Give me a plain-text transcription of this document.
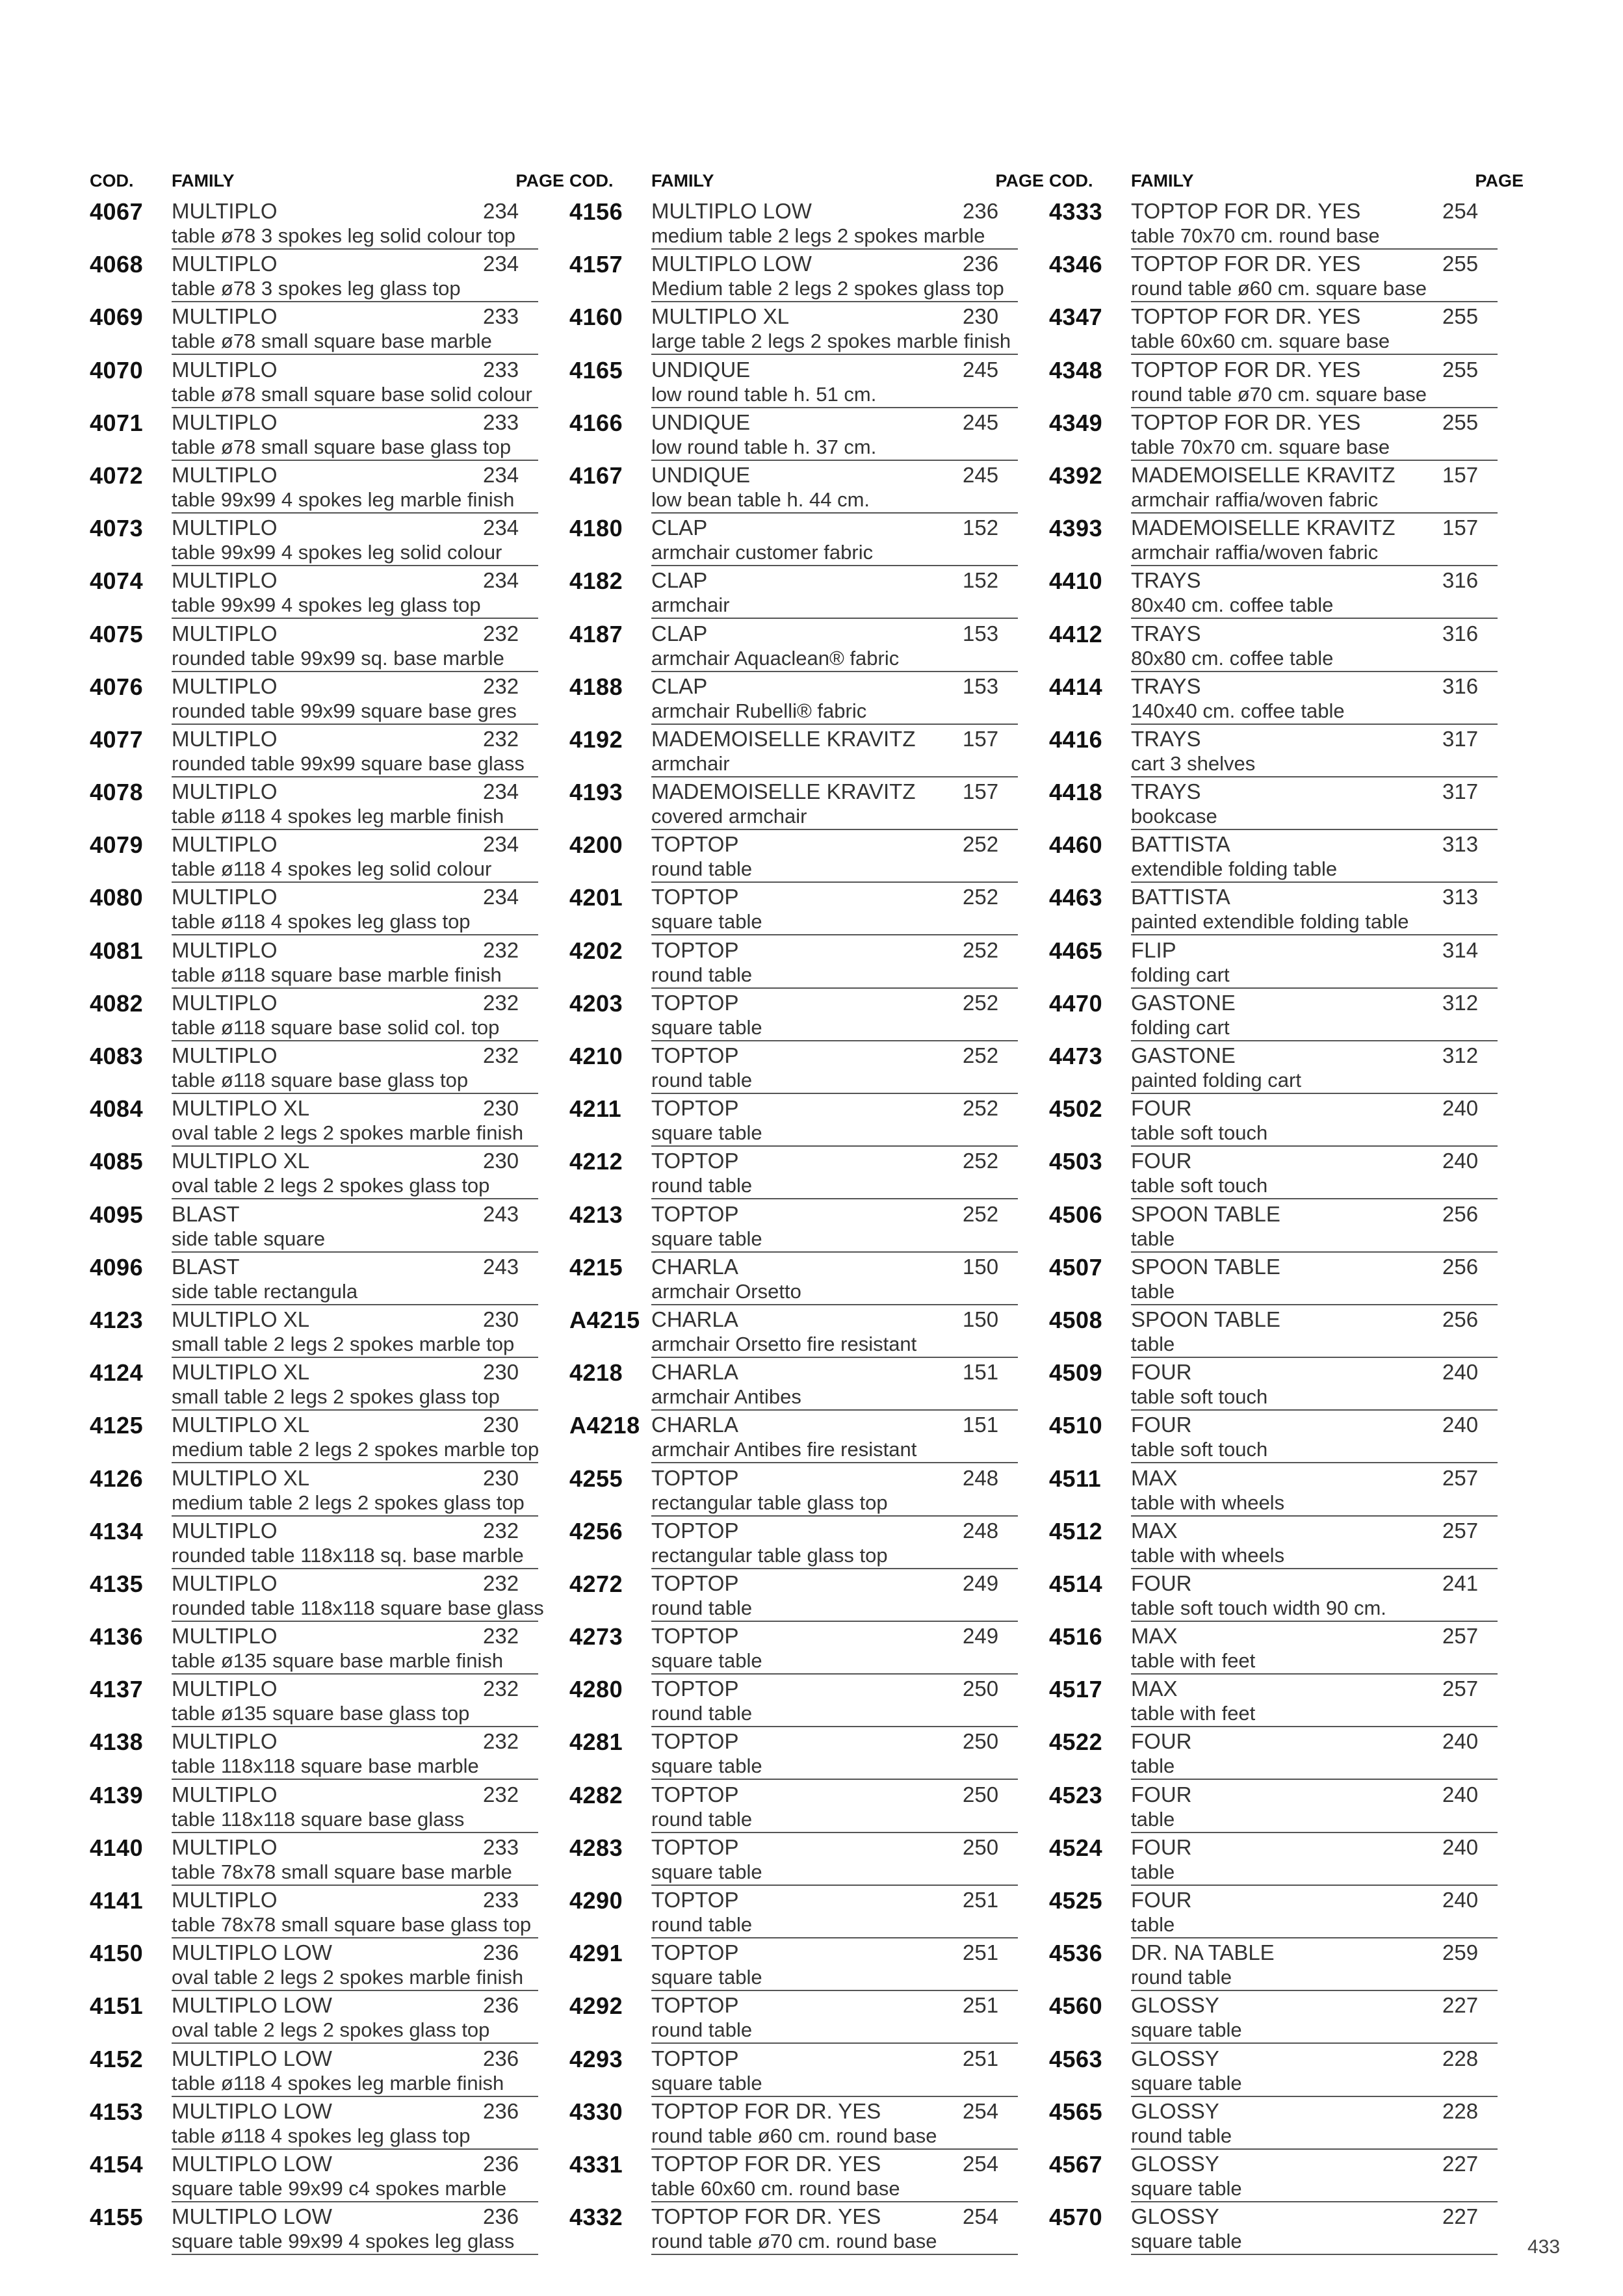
COD. FAMILY	PAGE
4067 MULTIPLO	234
table ø78 3 spokes leg solid colour top
4068 MULTIPLO	234
table ø78 3 spokes leg glass top
4069 MULTIPLO	233
table ø78 small square base marble
4070 MULTIPLO	233
table ø78 small square base solid colour
4071 MULTIPLO	233
table ø78 small square base glass top
4072 MULTIPLO	234
table 99x99 4 spokes leg marble finish
4073 MULTIPLO	234
table 99x99 4 spokes leg solid colour
4074 MULTIPLO	234
table 99x99 4 spokes leg glass top
4075 MULTIPLO	232
rounded table 99x99 sq. base marble
4076 MULTIPLO	232
rounded table 99x99 square base gres
4077 MULTIPLO	232
rounded table 99x99 square base glass
4078 MULTIPLO	234
table ø118 4 spokes leg marble finish
4079 MULTIPLO	234
table ø118 4 spokes leg solid colour
4080 MULTIPLO	234
table ø118 4 spokes leg glass top
4081 MULTIPLO	232
table ø118 square base marble finish
4082 MULTIPLO	232
table ø118 square base solid col. top
4083 MULTIPLO	232
table ø118 square base glass top
4084 MULTIPLO XL	230
oval table 2 legs 2 spokes marble finish
4085 MULTIPLO XL	230
oval table 2 legs 2 spokes glass top
4095 BLAST	243
side table square
4096 BLAST	243
side table rectangula
4123 MULTIPLO XL	230
small table 2 legs 2 spokes marble top
4124 MULTIPLO XL	230
small table 2 legs 2 spokes glass top
4125 MULTIPLO XL	230
medium table 2 legs 2 spokes marble top
4126 MULTIPLO XL	230
medium table 2 legs 2 spokes glass top
4134 MULTIPLO	232
rounded table 118x118 sq. base marble
4135 MULTIPLO	232
rounded table 118x118 square base glass
4136 MULTIPLO	232
table ø135 square base marble finish
4137 MULTIPLO	232
table ø135 square base glass top
4138 MULTIPLO	232
table 118x118 square base marble
4139 MULTIPLO	232
table 118x118 square base glass
4140 MULTIPLO	233
table 78x78 small square base marble
4141 MULTIPLO	233
table 78x78 small square base glass top
4150 MULTIPLO LOW	236
oval table 2 legs 2 spokes marble finish
4151 MULTIPLO LOW	236
oval table 2 legs 2 spokes glass top
4152 MULTIPLO LOW	236
table ø118 4 spokes leg marble finish
4153 MULTIPLO LOW	236
table ø118 4 spokes leg glass top
4154 MULTIPLO LOW	236
square table 99x99 c4 spokes marble
4155 MULTIPLO LOW	236
square table 99x99 4 spokes leg glass
COD. FAMILY	PAGE
4156 MULTIPLO LOW	236
medium table 2 legs 2 spokes marble
4157 MULTIPLO LOW	236
Medium table 2 legs 2 spokes glass top
4160 MULTIPLO XL	230
large table 2 legs 2 spokes marble finish
4165 UNDIQUE	245
low round table h. 51 cm.
4166 UNDIQUE	245
low round table h. 37 cm.
4167 UNDIQUE	245
low bean table h. 44 cm.
4180 CLAP	152
armchair customer fabric
4182 CLAP	152
armchair
4187 CLAP	153
armchair Aquaclean® fabric
4188 CLAP	153
armchair Rubelli® fabric
4192 MADEMOISELLE KRAVITZ 157
armchair
4193 MADEMOISELLE KRAVITZ 157
covered armchair
4200 TOPTOP	252
round table
4201 TOPTOP	252
square table
4202 TOPTOP	252
round table
4203 TOPTOP	252
square table
4210 TOPTOP	252
round table
4211 TOPTOP	252
square table
4212 TOPTOP	252
round table
4213 TOPTOP	252
square table
4215 CHARLA	150
armchair Orsetto
A4215 CHARLA	150
armchair Orsetto fire resistant
4218 CHARLA	151
armchair Antibes
A4218 CHARLA	151
armchair Antibes fire resistant
4255 TOPTOP	248
rectangular table glass top
4256 TOPTOP	248
rectangular table glass top
4272 TOPTOP	249
round table
4273 TOPTOP	249
square table
4280 TOPTOP	250
round table
4281 TOPTOP	250
square table
4282 TOPTOP	250
round table
4283 TOPTOP	250
square table
4290 TOPTOP	251
round table
4291 TOPTOP	251
square table
4292 TOPTOP	251
round table
4293 TOPTOP	251
square table
4330 TOPTOP FOR DR. YES	254
round table ø60 cm. round base
4331 TOPTOP FOR DR. YES	254
table 60x60 cm. round base
4332 TOPTOP FOR DR. YES	254
round table ø70 cm. round base
COD. FAMILY	PAGE
4333 TOPTOP FOR DR. YES	254
table 70x70 cm. round base
4346 TOPTOP FOR DR. YES	255
round table ø60 cm. square base
4347 TOPTOP FOR DR. YES	255
table 60x60 cm. square base
4348 TOPTOP FOR DR. YES	255
round table ø70 cm. square base
4349 TOPTOP FOR DR. YES	255
table 70x70 cm. square base
4392 MADEMOISELLE KRAVITZ 157
armchair raffia/woven fabric
4393 MADEMOISELLE KRAVITZ 157
armchair raffia/woven fabric
4410 TRAYS	316
80x40 cm. coffee table
4412 TRAYS	316
80x80 cm. coffee table
4414 TRAYS	316
140x40 cm. coffee table
4416 TRAYS	317
cart 3 shelves
4418 TRAYS	317
bookcase
4460 BATTISTA	313
extendible folding table
4463 BATTISTA	313
painted extendible folding table
4465 FLIP	314
folding cart
4470 GASTONE	312
folding cart
4473 GASTONE	312
painted folding cart
4502 FOUR	240
table soft touch
4503 FOUR	240
table soft touch
4506 SPOON TABLE	256
table
4507 SPOON TABLE	256
table
4508 SPOON TABLE	256
table
4509 FOUR	240
table soft touch
4510 FOUR	240
table soft touch
4511 MAX	257
table with wheels
4512 MAX	257
table with wheels
4514 FOUR	241
table soft touch width 90 cm.
4516 MAX	257
table with feet
4517 MAX	257
table with feet
4522 FOUR	240
table
4523 FOUR	240
table
4524 FOUR	240
table
4525 FOUR	240
table
4536 DR. NA TABLE	259
round table
4560 GLOSSY	227
square table
4563 GLOSSY	228
square table
4565 GLOSSY	228
round table
4567 GLOSSY	227
square table
4570 GLOSSY	227
square table	433
